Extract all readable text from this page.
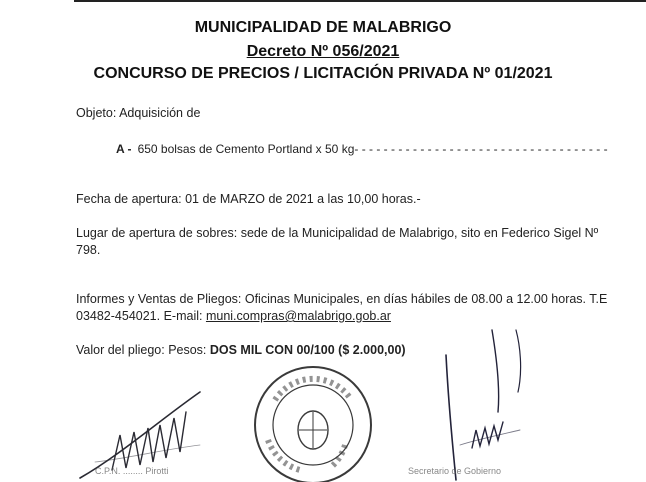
MUNICIPALIDAD DE MALABRIGO
Decreto Nº 056/2021
CONCURSO DE PRECIOS / LICITACIÓN PRIVADA Nº 01/2021
Objeto: Adquisición de
A - 650 bolsas de Cemento Portland x 50 kg- - - - - - - - - - - - - - - - - - - - - - - - - - - - - - - - - - -
Fecha de apertura: 01 de MARZO de 2021 a las 10,00 horas.-
Lugar de apertura de sobres: sede de la Municipalidad de Malabrigo, sito en Federico Sigel Nº
798.
Informes y Ventas de Pliegos: Oficinas Municipales, en días hábiles de 08.00 a 12.00 horas. T.E
03482-454021. E-mail: muni.compras@malabrigo.gob.ar
Valor del pliego: Pesos: DOS MIL CON 00/100 ($ 2.000,00)
C.P.N. ........ Pirotti	Secretario de Gobierno
